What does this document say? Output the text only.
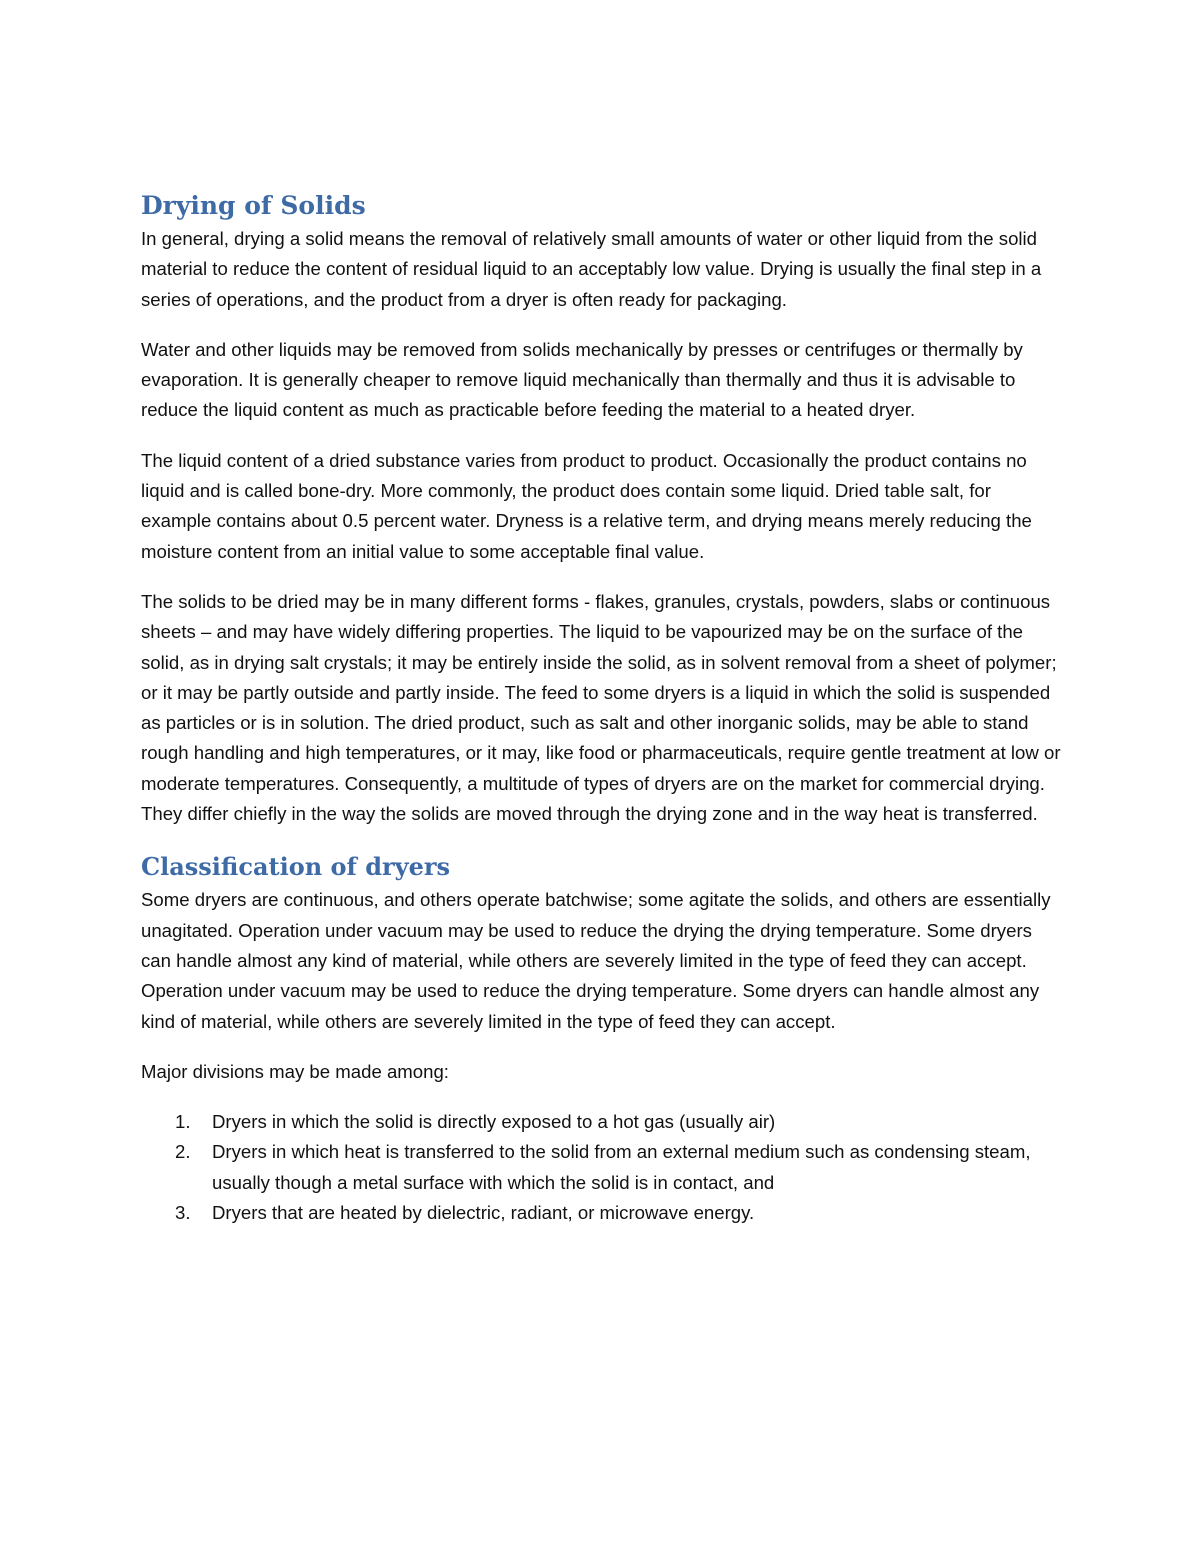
Drying of Solids

In general, drying a solid means the removal of relatively small amounts of water or other liquid from the solid material to reduce the content of residual liquid to an acceptably low value. Drying is usually the final step in a series of operations, and the product from a dryer is often ready for packaging.

Water and other liquids may be removed from solids mechanically by presses or centrifuges or thermally by evaporation. It is generally cheaper to remove liquid mechanically than thermally and thus it is advisable to reduce the liquid content as much as practicable before feeding the material to a heated dryer.

The liquid content of a dried substance varies from product to product. Occasionally the product contains no liquid and is called bone-dry. More commonly, the product does contain some liquid. Dried table salt, for example contains about 0.5 percent water. Dryness is a relative term, and drying means merely reducing the moisture content from an initial value to some acceptable final value.

The solids to be dried may be in many different forms - flakes, granules, crystals, powders, slabs or continuous sheets – and may have widely differing properties. The liquid to be vapourized may be on the surface of the solid, as in drying salt crystals; it may be entirely inside the solid, as in solvent removal from a sheet of polymer; or it may be partly outside and partly inside. The feed to some dryers is a liquid in which the solid is suspended as particles or is in solution. The dried product, such as salt and other inorganic solids, may be able to stand rough handling and high temperatures, or it may, like food or pharmaceuticals, require gentle treatment at low or moderate temperatures. Consequently, a multitude of types of dryers are on the market for commercial drying. They differ chiefly in the way the solids are moved through the drying zone and in the way heat is transferred.

Classification of dryers

Some dryers are continuous, and others operate batchwise; some agitate the solids, and others are essentially unagitated. Operation under vacuum may be used to reduce the drying the drying temperature. Some dryers can handle almost any kind of material, while others are severely limited in the type of feed they can accept. Operation under vacuum may be used to reduce the drying temperature. Some dryers can handle almost any kind of material, while others are severely limited in the type of feed they can accept.

Major divisions may be made among:

1. Dryers in which the solid is directly exposed to a hot gas (usually air)
2. Dryers in which heat is transferred to the solid from an external medium such as condensing steam, usually though a metal surface with which the solid is in contact, and
3. Dryers that are heated by dielectric, radiant, or microwave energy.
